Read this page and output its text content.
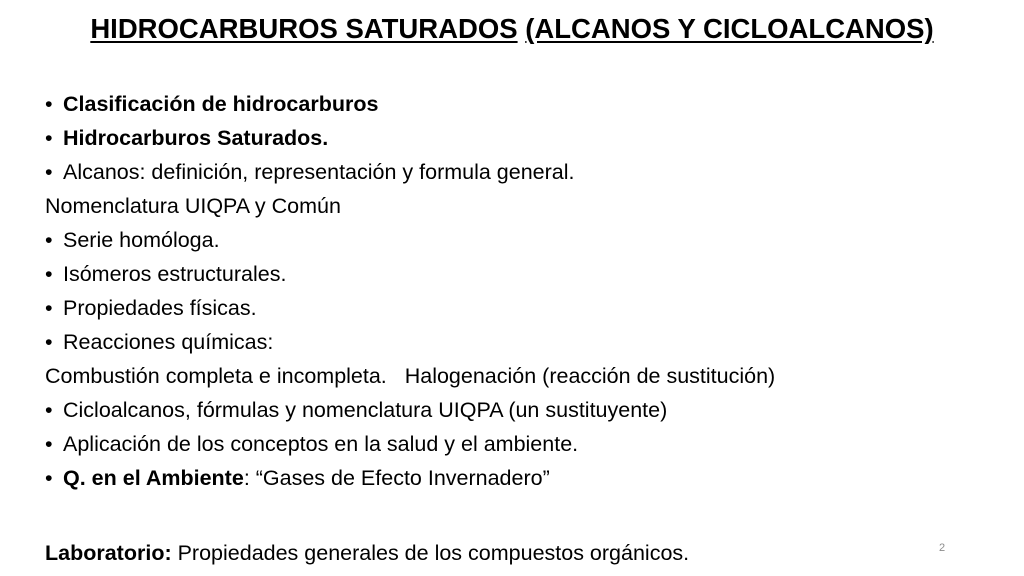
HIDROCARBUROS SATURADOS (ALCANOS Y CICLOALCANOS)
• Clasificación de hidrocarburos
• Hidrocarburos Saturados.
• Alcanos: definición, representación y formula general.
Nomenclatura UIQPA y Común
• Serie homóloga.
• Isómeros estructurales.
• Propiedades físicas.
• Reacciones químicas:
Combustión completa e incompleta.   Halogenación (reacción de sustitución)
• Cicloalcanos, fórmulas y nomenclatura UIQPA (un sustituyente)
• Aplicación de los conceptos en la salud y el ambiente.
• Q. en el Ambiente: “Gases de Efecto Invernadero”
Laboratorio: Propiedades generales de los compuestos orgánicos.	2
